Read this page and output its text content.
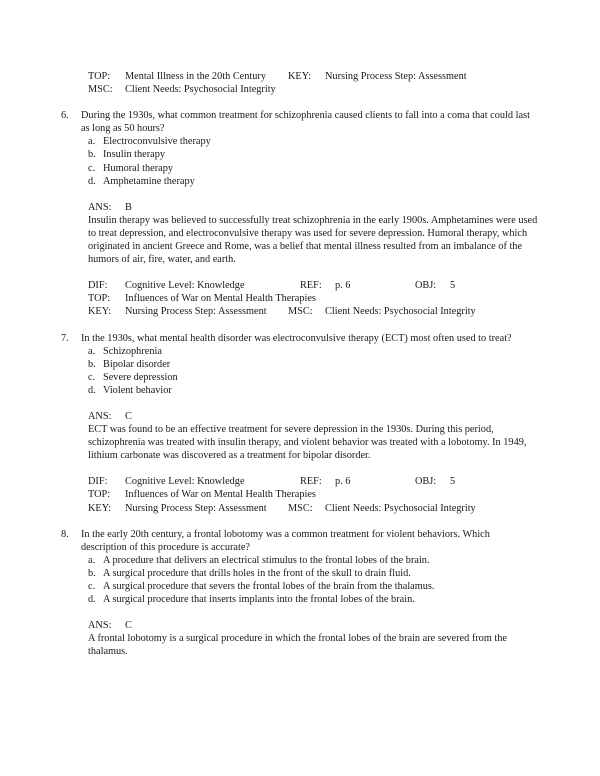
TOP:	Mental Illness in the 20th Century	KEY:	Nursing Process Step: Assessment
MSC:	Client Needs: Psychosocial Integrity
6.	During the 1930s, what common treatment for schizophrenia caused clients to fall into a coma that could last as long as 50 hours?
a. Electroconvulsive therapy
b. Insulin therapy
c. Humoral therapy
d. Amphetamine therapy
ANS:	B

Insulin therapy was believed to successfully treat schizophrenia in the early 1900s. Amphetamines were used to treat depression, and electroconvulsive therapy was used for severe depression. Humoral therapy, which originated in ancient Greece and Rome, was a belief that mental illness resulted from an imbalance of the humors of air, fire, water, and earth.

DIF:	Cognitive Level: Knowledge	REF:	p. 6	OBJ:	5
TOP:	Influences of War on Mental Health Therapies
KEY:	Nursing Process Step: Assessment	MSC:	Client Needs: Psychosocial Integrity
7.	In the 1930s, what mental health disorder was electroconvulsive therapy (ECT) most often used to treat?
a. Schizophrenia
b. Bipolar disorder
c. Severe depression
d. Violent behavior
ANS:	C

ECT was found to be an effective treatment for severe depression in the 1930s. During this period, schizophrenia was treated with insulin therapy, and violent behavior was treated with a lobotomy. In 1949, lithium carbonate was discovered as a treatment for bipolar disorder.

DIF:	Cognitive Level: Knowledge	REF:	p. 6	OBJ:	5
TOP:	Influences of War on Mental Health Therapies
KEY:	Nursing Process Step: Assessment	MSC:	Client Needs: Psychosocial Integrity
8.	In the early 20th century, a frontal lobotomy was a common treatment for violent behaviors. Which description of this procedure is accurate?
a. A procedure that delivers an electrical stimulus to the frontal lobes of the brain.
b. A surgical procedure that drills holes in the front of the skull to drain fluid.
c. A surgical procedure that severs the frontal lobes of the brain from the thalamus.
d. A surgical procedure that inserts implants into the frontal lobes of the brain.
ANS:	C

A frontal lobotomy is a surgical procedure in which the frontal lobes of the brain are severed from the thalamus.
